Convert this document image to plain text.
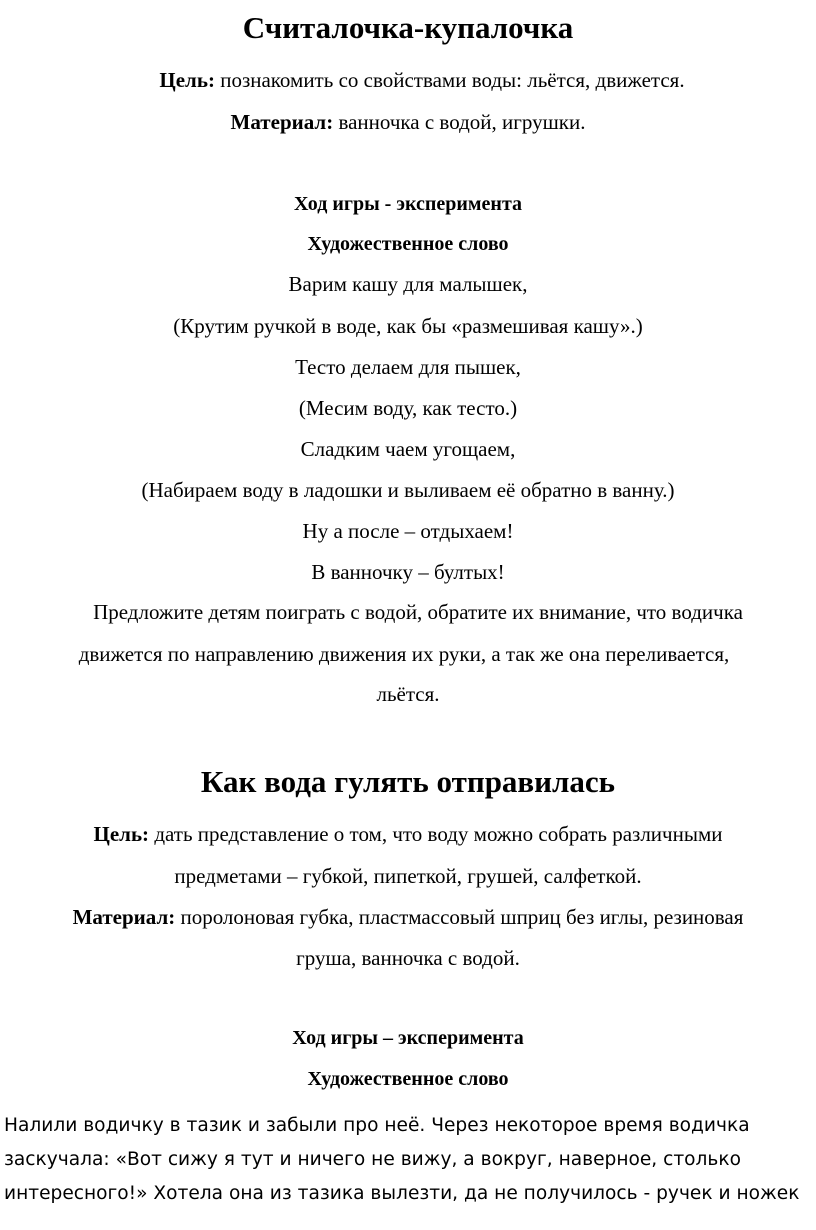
Считалочка-купалочка
Цель: познакомить со свойствами воды: льётся, движется.
Материал: ванночка с водой, игрушки.
Ход игры - эксперимента
Художественное слово
Варим кашу для малышек,
(Крутим ручкой в воде, как бы «размешивая кашу».)
Тесто делаем для пышек,
(Месим воду, как тесто.)
Сладким чаем угощаем,
(Набираем воду в ладошки и выливаем её обратно в ванну.)
Ну а после – отдыхаем!
В ванночку – бултых!
Предложите детям поиграть с водой, обратите их внимание, что водичка
движется по направлению движения их руки, а так же она переливается,
льётся.
Как вода гулять отправилась
Цель: дать представление о том, что воду можно собрать различными
предметами – губкой, пипеткой, грушей, салфеткой.
Материал: поролоновая губка, пластмассовый шприц без иглы, резиновая
груша, ванночка с водой.
Ход игры – эксперимента
Художественное слово
Налили водичку в тазик и забыли про неё. Через некоторое время водичка
заскучала: «Вот сижу я тут и ничего не вижу, а вокруг, наверное, столько
интересного!» Хотела она из тазика вылезти, да не получилось - ручек и ножек
